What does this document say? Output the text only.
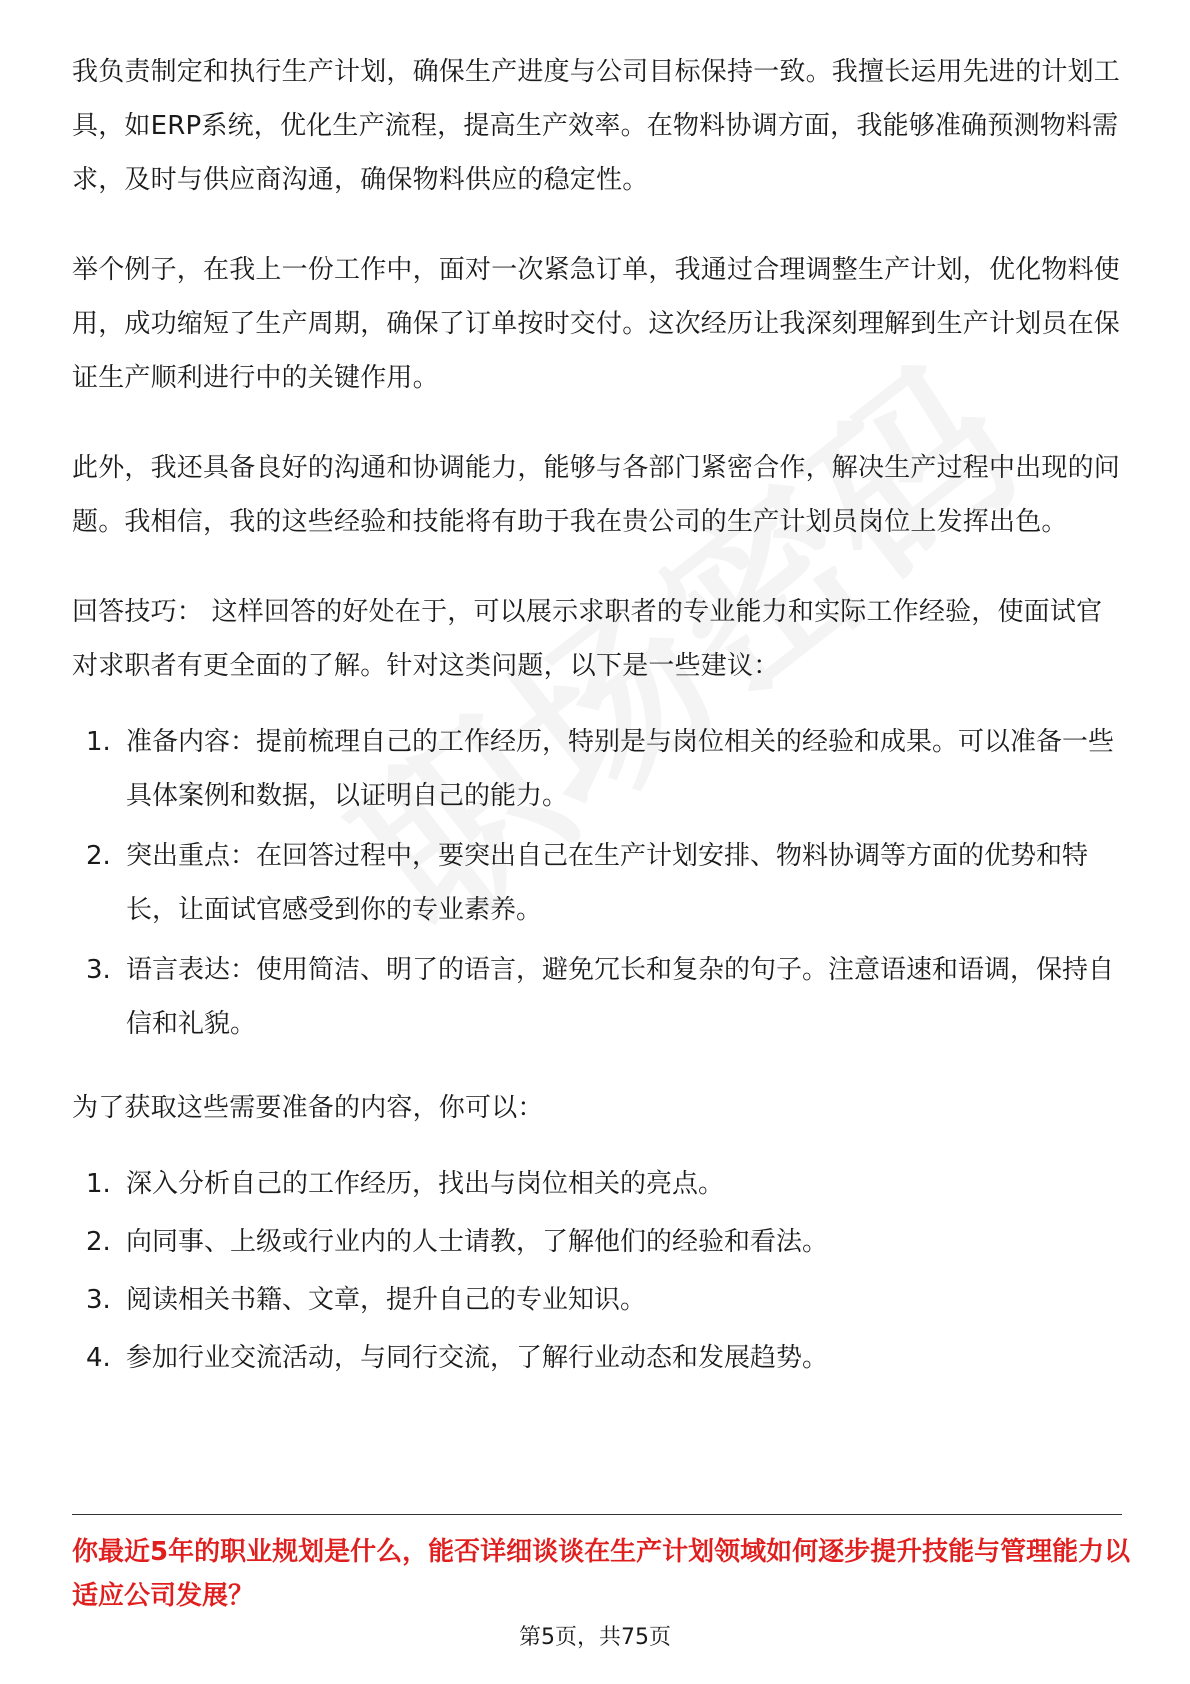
我负责制定和执行生产计划，确保生产进度与公司目标保持一致。我擅长运用先进的计划工具，如ERP系统，优化生产流程，提高生产效率。在物料协调方面，我能够准确预测物料需求，及时与供应商沟通，确保物料供应的稳定性。

举个例子，在我上一份工作中，面对一次紧急订单，我通过合理调整生产计划，优化物料使用，成功缩短了生产周期，确保了订单按时交付。这次经历让我深刻理解到生产计划员在保证生产顺利进行中的关键作用。

此外，我还具备良好的沟通和协调能力，能够与各部门紧密合作，解决生产过程中出现的问题。我相信，我的这些经验和技能将有助于我在贵公司的生产计划员岗位上发挥出色。

回答技巧： 这样回答的好处在于，可以展示求职者的专业能力和实际工作经验，使面试官对求职者有更全面的了解。针对这类问题，以下是一些建议：

1. 准备内容：提前梳理自己的工作经历，特别是与岗位相关的经验和成果。可以准备一些具体案例和数据，以证明自己的能力。
2. 突出重点：在回答过程中，要突出自己在生产计划安排、物料协调等方面的优势和特长，让面试官感受到你的专业素养。
3. 语言表达：使用简洁、明了的语言，避免冗长和复杂的句子。注意语速和语调，保持自信和礼貌。

为了获取这些需要准备的内容，你可以：

1. 深入分析自己的工作经历，找出与岗位相关的亮点。
2. 向同事、上级或行业内的人士请教，了解他们的经验和看法。
3. 阅读相关书籍、文章，提升自己的专业知识。
4. 参加行业交流活动，与同行交流，了解行业动态和发展趋势。
你最近5年的职业规划是什么，能否详细谈谈在生产计划领域如何逐步提升技能与管理能力以适应公司发展？
第5页，共75页
